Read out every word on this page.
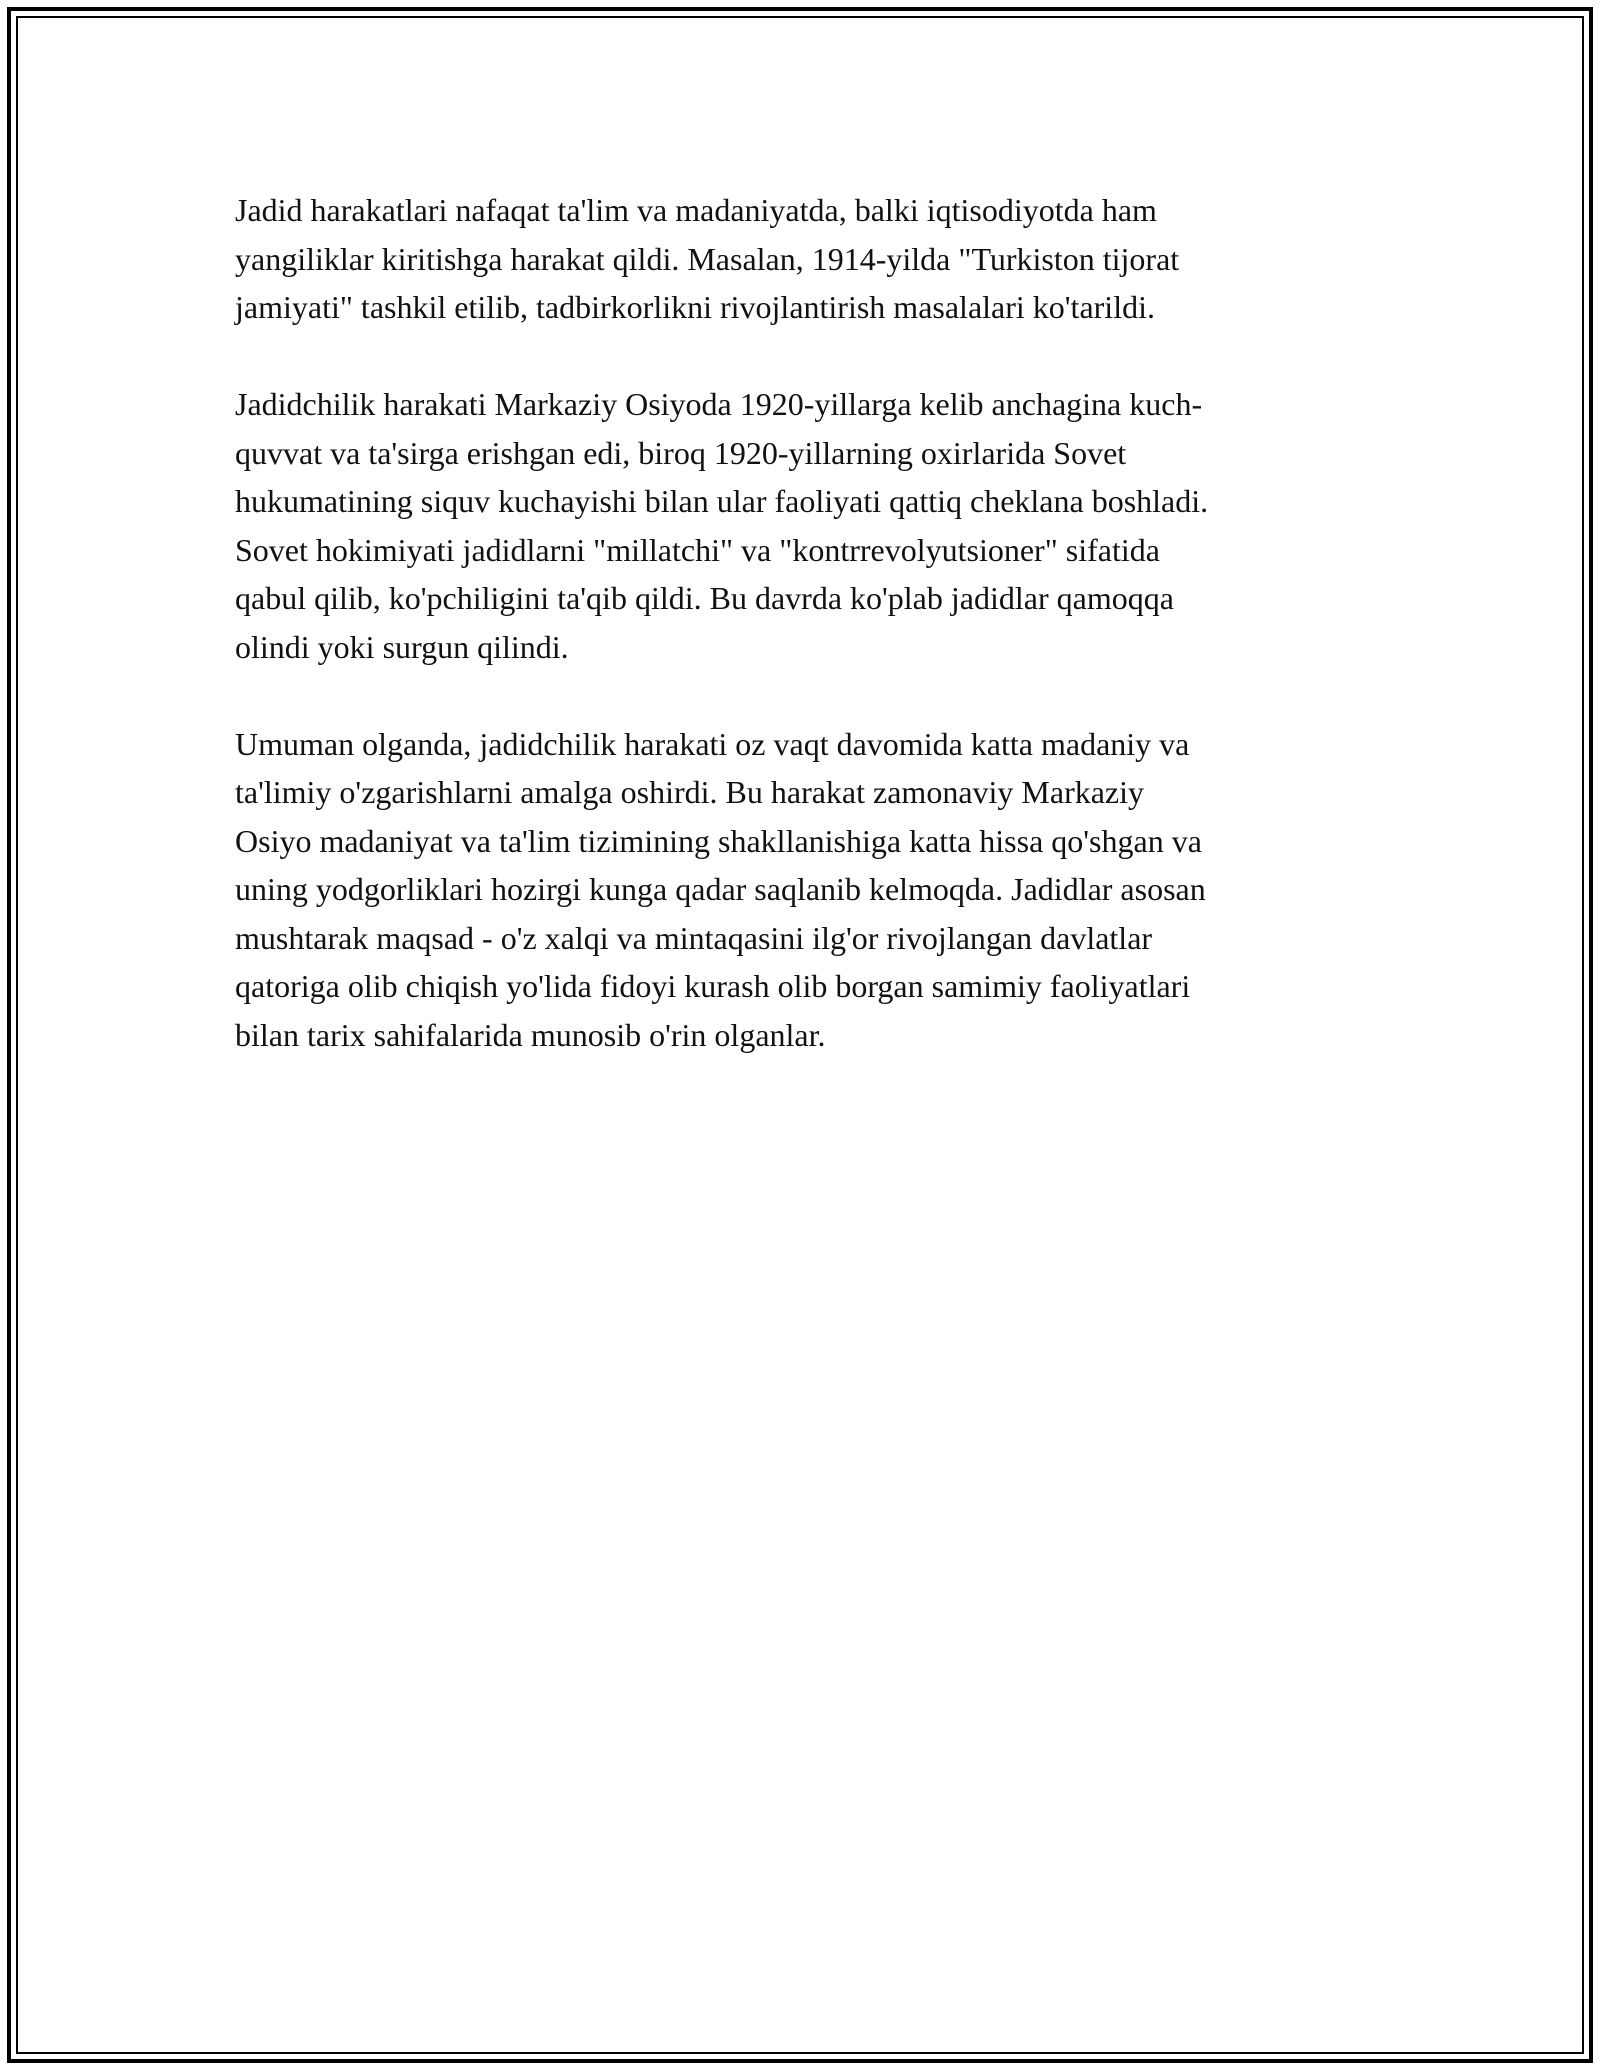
Jadid harakatlari nafaqat ta'lim va madaniyatda, balki iqtisodiyotda ham
yangiliklar kiritishga harakat qildi. Masalan, 1914-yilda "Turkiston tijorat
jamiyati" tashkil etilib, tadbirkorlikni rivojlantirish masalalari ko'tarildi.

Jadidchilik harakati Markaziy Osiyoda 1920-yillarga kelib anchagina kuch-
quvvat va ta'sirga erishgan edi, biroq 1920-yillarning oxirlarida Sovet
hukumatining siquv kuchayishi bilan ular faoliyati qattiq cheklana boshladi.
Sovet hokimiyati jadidlarni "millatchi" va "kontrrevolyutsioner" sifatida
qabul qilib, ko'pchiligini ta'qib qildi. Bu davrda ko'plab jadidlar qamoqqa
olindi yoki surgun qilindi.

Umuman olganda, jadidchilik harakati oz vaqt davomida katta madaniy va
ta'limiy o'zgarishlarni amalga oshirdi. Bu harakat zamonaviy Markaziy
Osiyo madaniyat va ta'lim tizimining shakllanishiga katta hissa qo'shgan va
uning yodgorliklari hozirgi kunga qadar saqlanib kelmoqda. Jadidlar asosan
mushtarak maqsad - o'z xalqi va mintaqasini ilg'or rivojlangan davlatlar
qatoriga olib chiqish yo'lida fidoyi kurash olib borgan samimiy faoliyatlari
bilan tarix sahifalarida munosib o'rin olganlar.
